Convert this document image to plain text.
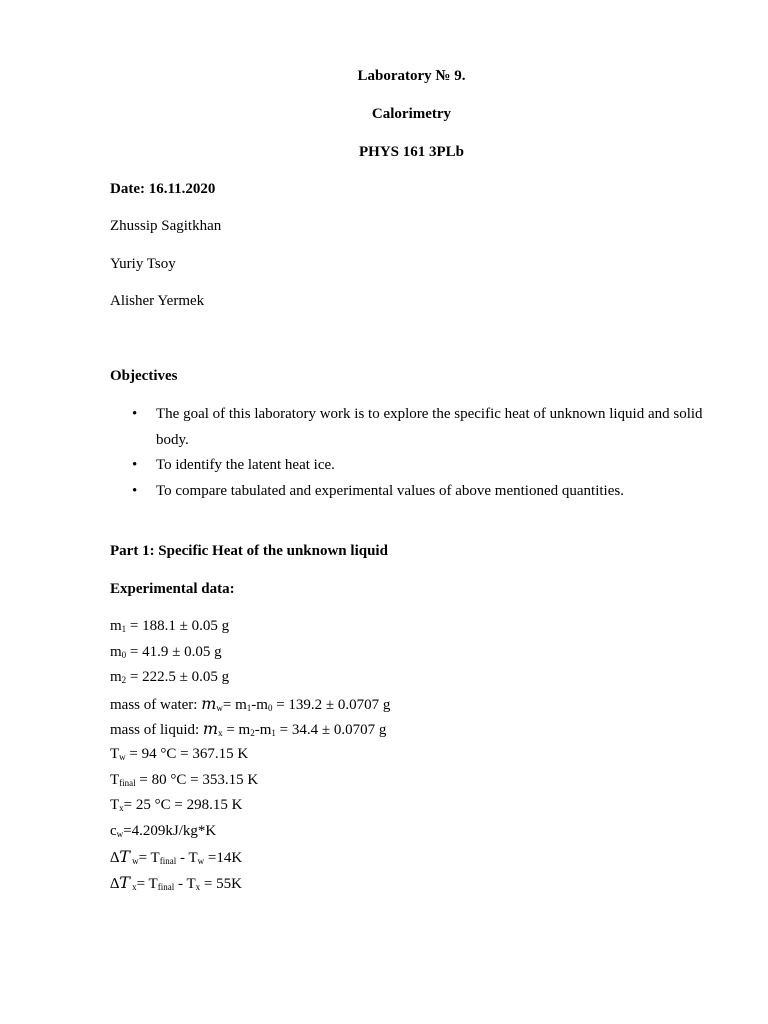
Laboratory № 9.
Calorimetry
PHYS 161 3PLb
Date: 16.11.2020
Zhussip Sagitkhan
Yuriy Tsoy
Alisher Yermek
Objectives
• The goal of this laboratory work is to explore the specific heat of unknown liquid and solid body.
• To identify the latent heat ice.
• To compare tabulated and experimental values of above mentioned quantities.
Part 1: Specific Heat of the unknown liquid
Experimental data:
$m_1 = 188.1 \pm 0.05$ g
$m_0 = 41.9 \pm 0.05$ g
$m_2 = 222.5 \pm 0.05$ g
mass of water: $m_w= m_1-m_0 = 139.2 \pm 0.0707$ g
mass of liquid: $m_x = m_2-m_1 = 34.4 \pm 0.0707$ g
$T_w = 94$ °C = 367.15 K
$T_{final} = 80$ °C = 353.15 K
$T_x= 25$ °C = 298.15 K
$c_w=4.209kJ/kg*K$
∆T $_w= T_{final} - T_w =14K$
∆T $_x= T_{final} - T_x = 55K$
